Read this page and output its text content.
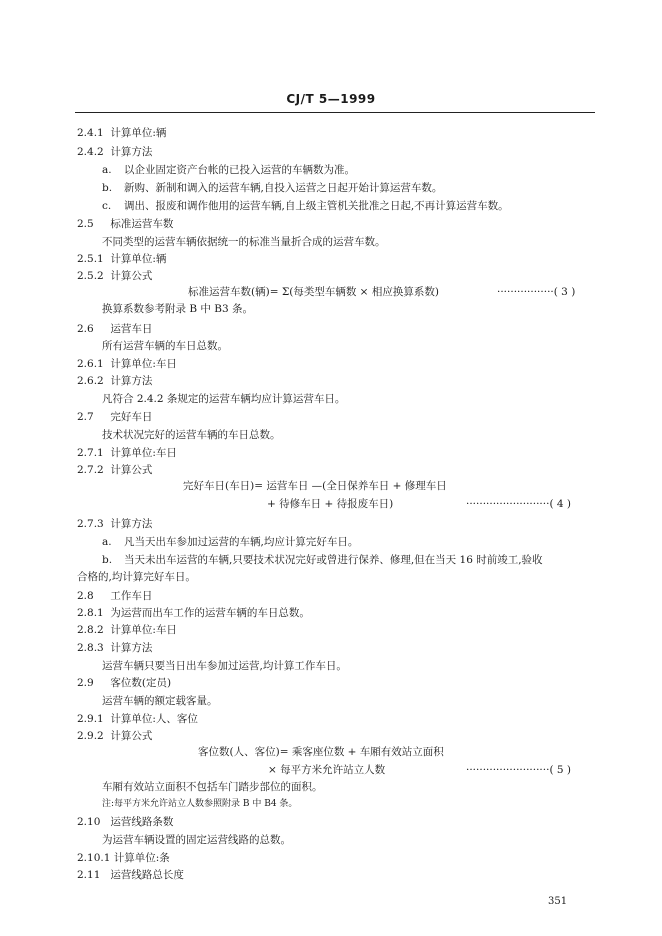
CJ/T 5—1999
2.4.1 计算单位:辆
2.4.2 计算方法
a. 以企业固定资产台帐的已投入运营的车辆数为准。
b. 新购、新制和调入的运营车辆,自投入运营之日起开始计算运营车数。
c. 调出、报废和调作他用的运营车辆,自上级主管机关批准之日起,不再计算运营车数。
2.5 标准运营车数
不同类型的运营车辆依据统一的标准当量折合成的运营车数。
2.5.1 计算单位:辆
2.5.2 计算公式
标准运营车数(辆)= Σ(每类型车辆数 × 相应换算系数)	·················( 3 )
换算系数参考附录 B 中 B3 条。
2.6 运营车日
所有运营车辆的车日总数。
2.6.1 计算单位:车日
2.6.2 计算方法
凡符合 2.4.2 条规定的运营车辆均应计算运营车日。
2.7 完好车日
技术状况完好的运营车辆的车日总数。
2.7.1 计算单位:车日
2.7.2 计算公式
完好车日(车日)= 运营车日 —(全日保养车日 + 修理车日
+ 待修车日 + 待报废车日)	·························( 4 )
2.7.3 计算方法
a. 凡当天出车参加过运营的车辆,均应计算完好车日。
b. 当天未出车运营的车辆,只要技术状况完好或曾进行保养、修理,但在当天 16 时前竣工,验收
合格的,均计算完好车日。
2.8 工作车日
2.8.1 为运营而出车工作的运营车辆的车日总数。
2.8.2 计算单位:车日
2.8.3 计算方法
运营车辆只要当日出车参加过运营,均计算工作车日。
2.9 客位数(定员)
运营车辆的额定载客量。
2.9.1 计算单位:人、客位
2.9.2 计算公式
客位数(人、客位)= 乘客座位数 + 车厢有效站立面积
× 每平方米允许站立人数	·························( 5 )
车厢有效站立面积不包括车门踏步部位的面积。
注:每平方米允许站立人数参照附录 B 中 B4 条。
2.10 运营线路条数
为运营车辆设置的固定运营线路的总数。
2.10.1 计算单位:条
2.11 运营线路总长度
351
